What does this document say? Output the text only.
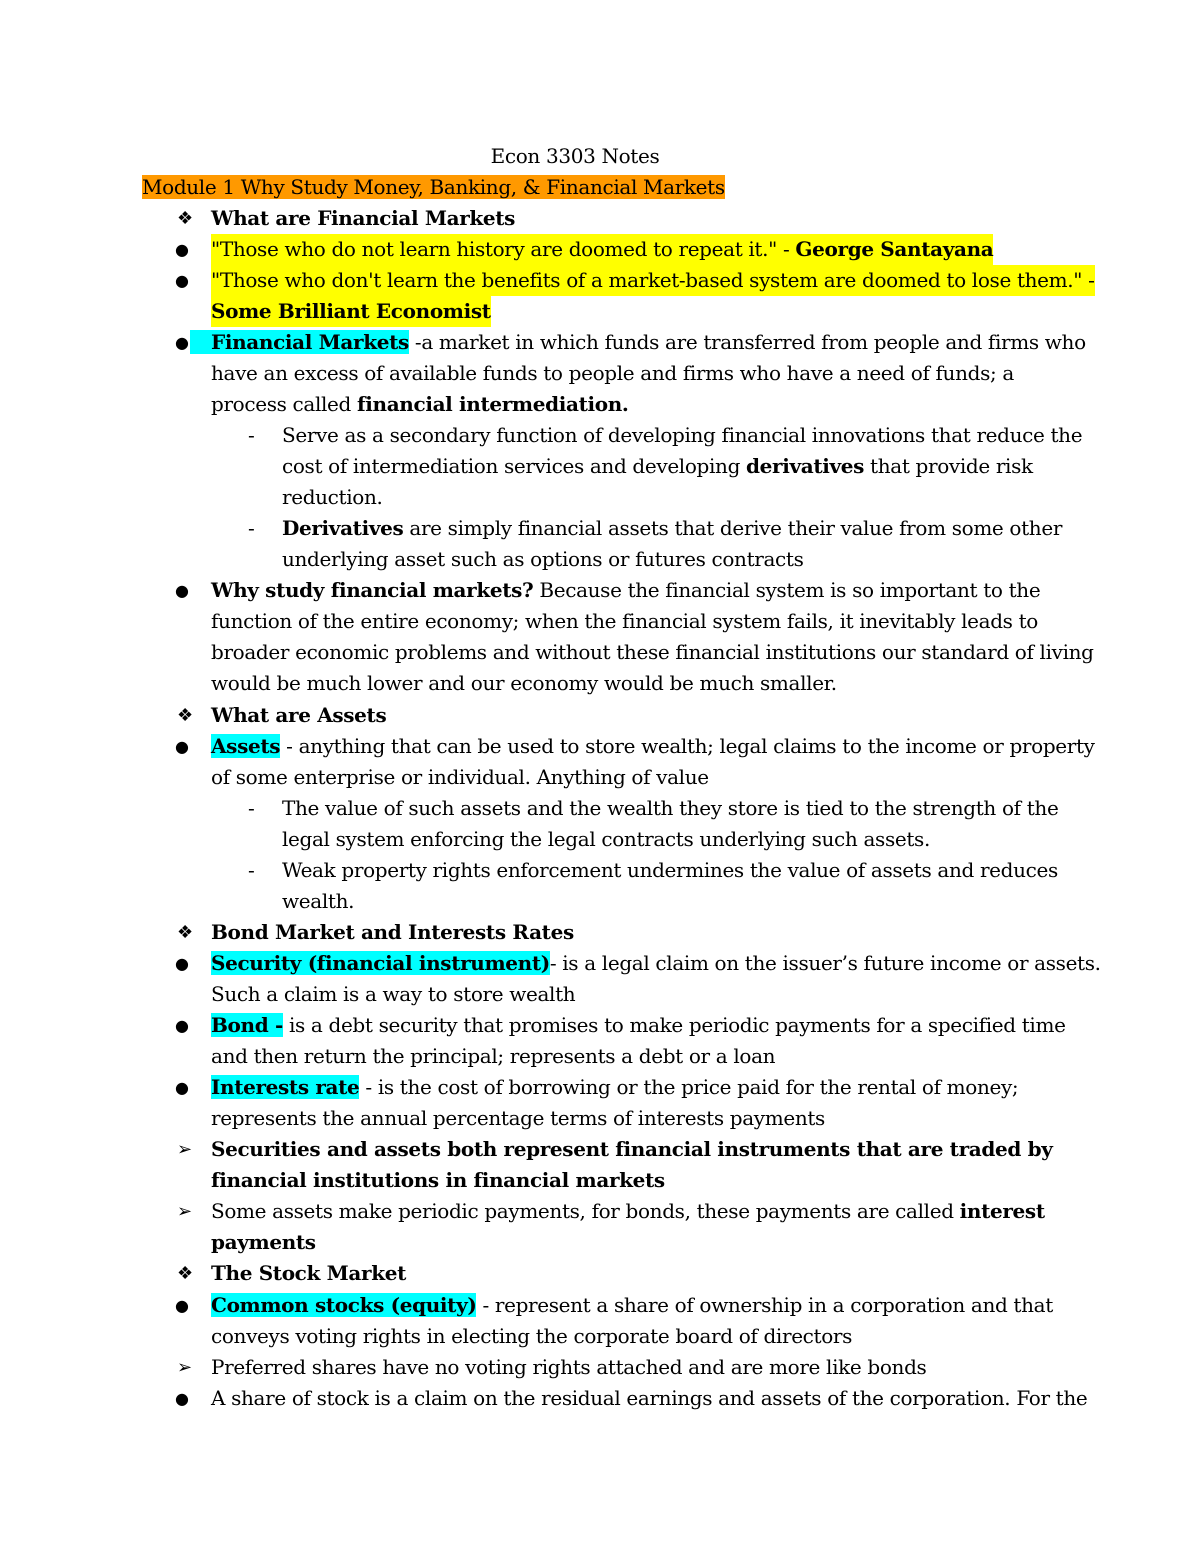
Econ 3303 Notes
Module 1 Why Study Money, Banking, & Financial Markets
❖ What are Financial Markets
● "Those who do not learn history are doomed to repeat it." - George Santayana
● "Those who don't learn the benefits of a market-based system are doomed to lose them." -
Some Brilliant Economist
●	Financial Markets -a market in which funds are transferred from people and firms who
have an excess of available funds to people and firms who have a need of funds; a
process called financial intermediation.
- Serve as a secondary function of developing financial innovations that reduce the
cost of intermediation services and developing derivatives that provide risk
reduction.
- Derivatives are simply financial assets that derive their value from some other
underlying asset such as options or futures contracts
● Why study financial markets? Because the financial system is so important to the
function of the entire economy; when the financial system fails, it inevitably leads to
broader economic problems and without these financial institutions our standard of living
would be much lower and our economy would be much smaller.
❖ What are Assets
● Assets - anything that can be used to store wealth; legal claims to the income or property
of some enterprise or individual. Anything of value
- The value of such assets and the wealth they store is tied to the strength of the
legal system enforcing the legal contracts underlying such assets.
- Weak property rights enforcement undermines the value of assets and reduces
wealth.
❖ Bond Market and Interests Rates
● Security (financial instrument)- is a legal claim on the issuer’s future income or assets.
Such a claim is a way to store wealth
● Bond - is a debt security that promises to make periodic payments for a specified time
and then return the principal; represents a debt or a loan
● Interests rate - is the cost of borrowing or the price paid for the rental of money;
represents the annual percentage terms of interests payments
➢ Securities and assets both represent financial instruments that are traded by
financial institutions in financial markets
➢ Some assets make periodic payments, for bonds, these payments are called interest
payments
❖ The Stock Market
● Common stocks (equity) - represent a share of ownership in a corporation and that
conveys voting rights in electing the corporate board of directors
➢ Preferred shares have no voting rights attached and are more like bonds
● A share of stock is a claim on the residual earnings and assets of the corporation. For the
